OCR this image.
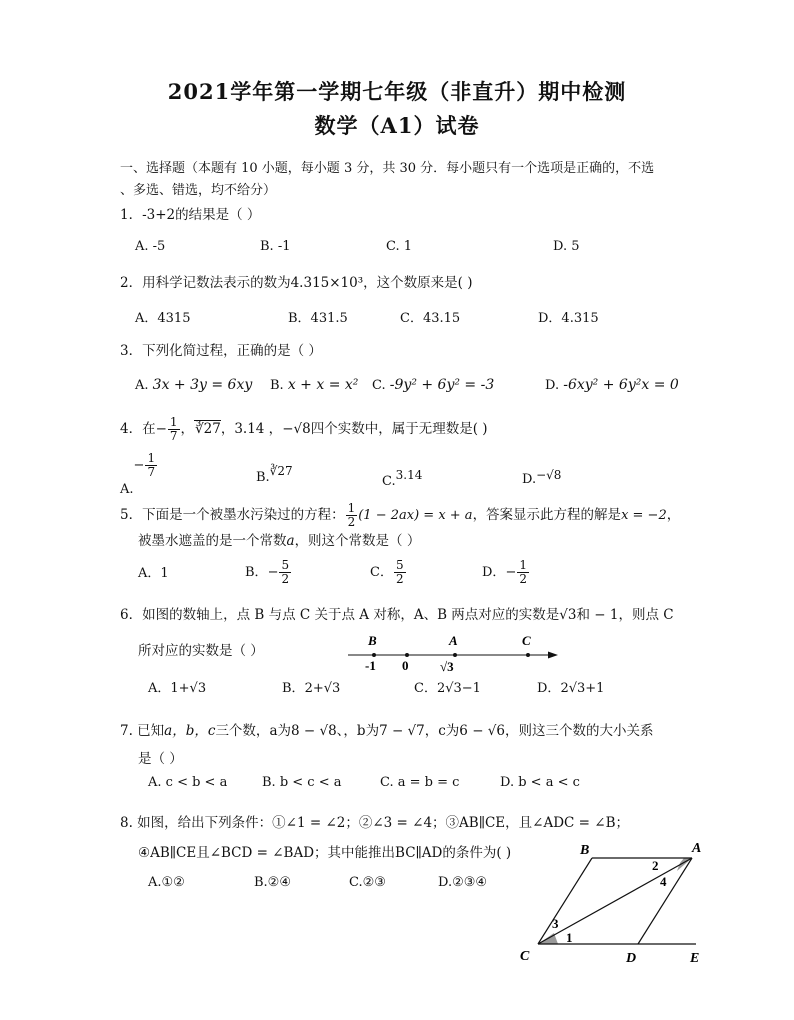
2021学年第一学期七年级（非直升）期中检测
数学（A1）试卷
一、选择题（本题有 10 小题，每小题 3 分，共 30 分．每小题只有一个选项是正确的，不选
、多选、错选，均不给分）
1．-3+2的结果是（ ）
A. -5	B. -1	C. 1	D. 5
2．用科学记数法表示的数为4.315×10³，这个数原来是( )
A．4315	B．431.5	C．43.15	D．4.315
3．下列化简过程，正确的是（ ）
A. 3x + 3y = 6xy B. x + x = x² C. -9y² + 6y² = -3	D. -6xy² + 6y²x = 0
4．在− $\frac{1}{7}$ ，∛27，3.14 ，−√8四个实数中，属于无理数是( )
$A.- \frac{1}{7}$	B.∛27
C.3.14	D.−√8
5．下面是一个被墨水污染过的方程： $\frac{1}{2} (1 - 2ax) = x + a$，答案显示此方程的解是x = −2，
被墨水遮盖的是一个常数a，则这个常数是（ ）
A．1	B．− $\frac{5}{2}$	C． $\frac{5}{2}$	D．− $\frac{1}{2}$
6．如图的数轴上，点 B 与点 C 关于点 A 对称，A、B 两点对应的实数是√3和 − 1，则点 C
所对应的实数是（ ）
B	A	C
-1 0 √3
A．1+√3	B．2+√3	C．2√3−1	D．2√3+1
7. 已知a，b，c三个数，a为8 − √8、，b为7 − √7，c为6 − √6，则这三个数的大小关系
是（ ）
A. c < b < a	B. b < c < a	C. a = b = c	D. b < a < c
8. 如图，给出下列条件：①∠1 = ∠2；②∠3 = ∠4；③AB∥CE，且∠ADC = ∠B；
④AB∥CE且∠BCD = ∠BAD；其中能推出BC∥AD的条件为( )
A.①②	B.②④	C.②③	D.②③④
B	A
C	D	E
1
2
3
4
